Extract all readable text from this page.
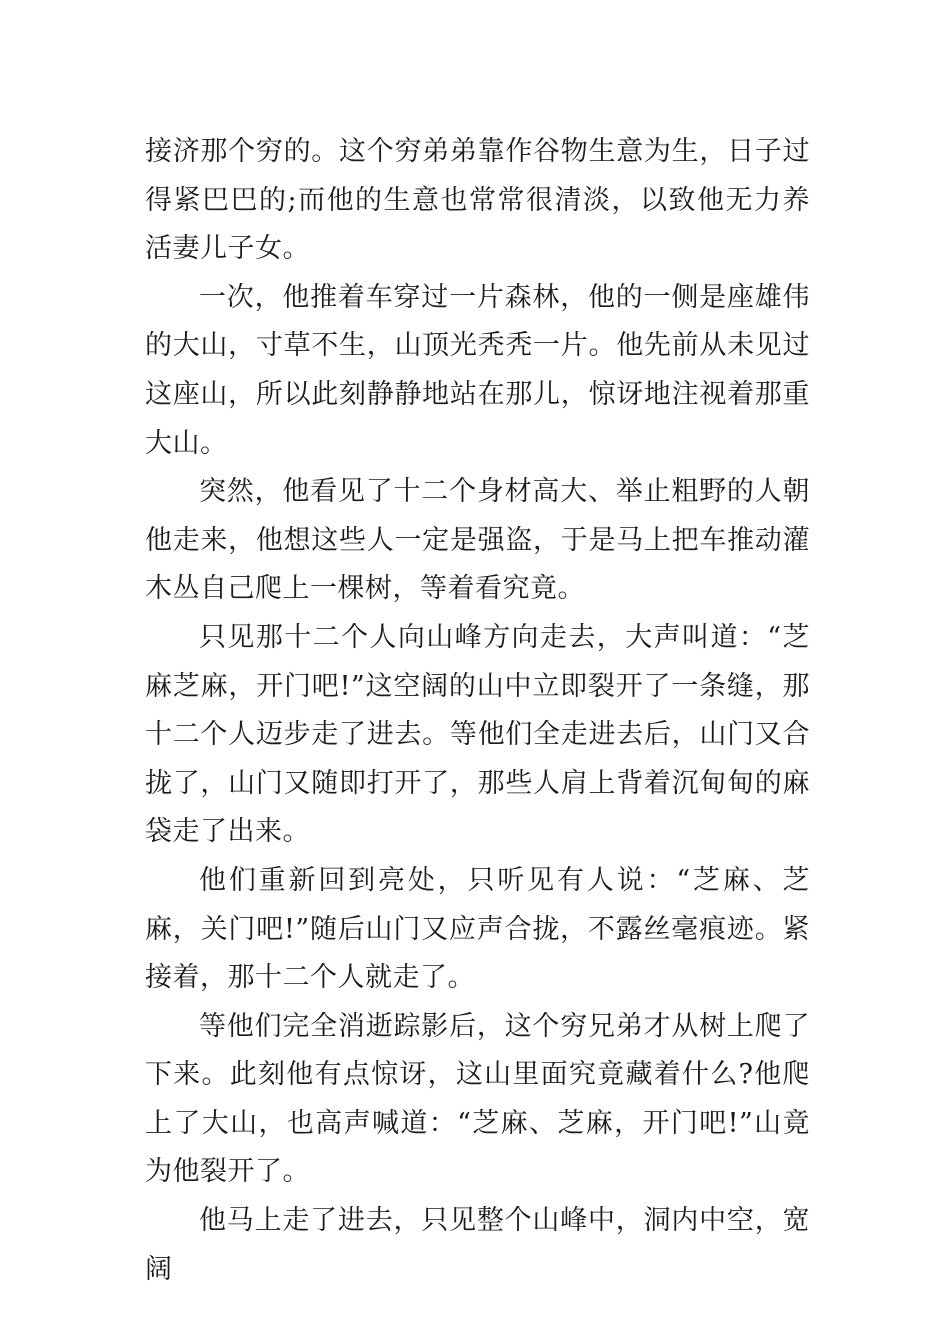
接济那个穷的。这个穷弟弟靠作谷物生意为生，日子过得紧巴巴的;而他的生意也常常很清淡，以致他无力养活妻儿子女。

一次，他推着车穿过一片森林，他的一侧是座雄伟的大山，寸草不生，山顶光秃秃一片。他先前从未见过这座山，所以此刻静静地站在那儿，惊讶地注视着那重大山。

突然，他看见了十二个身材高大、举止粗野的人朝他走来，他想这些人一定是强盗，于是马上把车推动灌木丛自己爬上一棵树，等着看究竟。

只见那十二个人向山峰方向走去，大声叫道：“芝麻芝麻，开门吧!”这空阔的山中立即裂开了一条缝，那十二个人迈步走了进去。等他们全走进去后，山门又合拢了，山门又随即打开了，那些人肩上背着沉甸甸的麻袋走了出来。

他们重新回到亮处，只听见有人说：“芝麻、芝麻，关门吧!”随后山门又应声合拢，不露丝毫痕迹。紧接着，那十二个人就走了。

等他们完全消逝踪影后，这个穷兄弟才从树上爬了下来。此刻他有点惊讶，这山里面究竟藏着什么?他爬上了大山，也高声喊道：“芝麻、芝麻，开门吧!”山竟为他裂开了。

他马上走了进去，只见整个山峰中，洞内中空，宽阔
